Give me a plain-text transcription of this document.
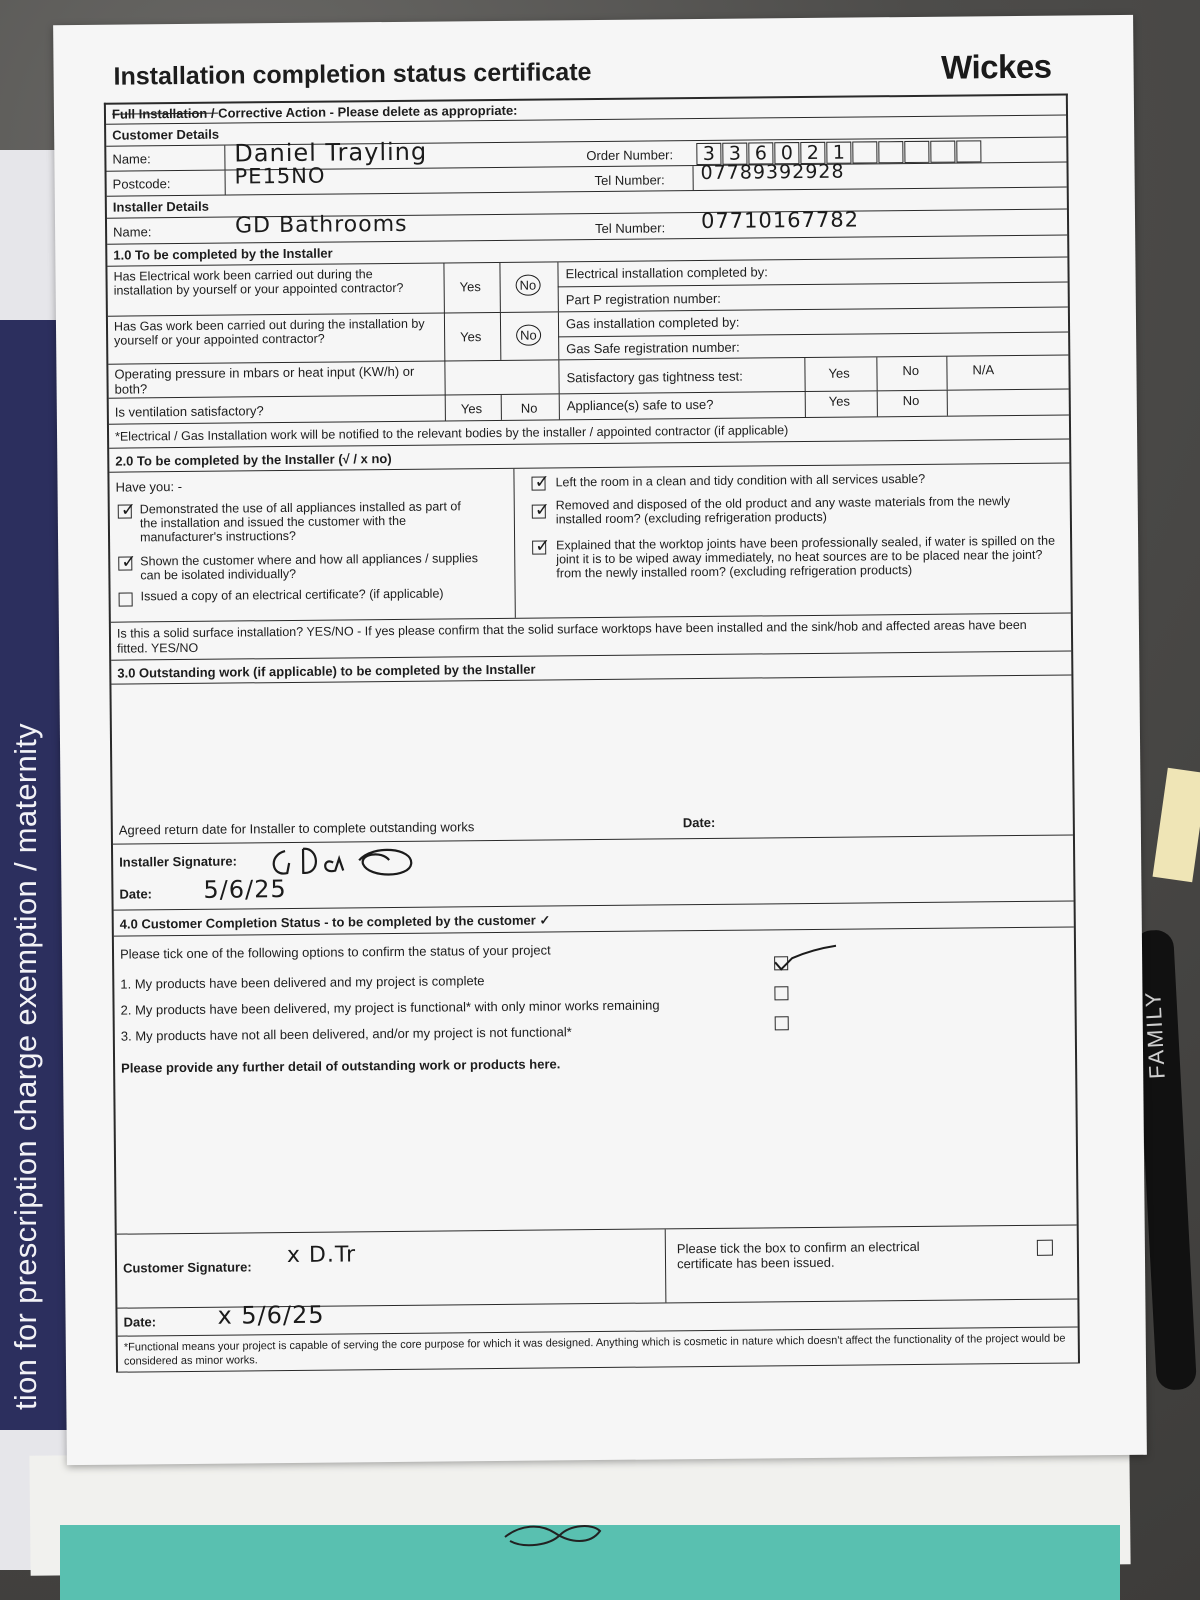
tion for prescription charge exemption / maternity	FAMILY
Installation completion status certificate	Wickes
Full Installation / Corrective Action - Please delete as appropriate:
Customer Details
Name:	Daniel Trayling	Order Number:	3 3 6 0 2 1
Postcode:	PE15NO	Tel Number: 07789392928
Installer Details
Name:	GD Bathrooms	Tel Number: 07710167782
1.0 To be completed by the Installer
Has Electrical work been carried out during the installation by yourself or your appointed contractor?	Yes	No
Electrical installation completed by:
Part P registration number:
Has Gas work been carried out during the installation by yourself or your appointed contractor?	Yes	No
Gas installation completed by:
Gas Safe registration number:
Operating pressure in mbars or heat input (KW/h) or both?
Satisfactory gas tightness test:	Yes	No	N/A
Is ventilation satisfactory?	Yes	No Appliance(s) safe to use?	Yes	No
*Electrical / Gas Installation work will be notified to the relevant bodies by the installer / appointed contractor (if applicable)
2.0 To be completed by the Installer (√ / x no)
Have you: -
✓ Demonstrated the use of all appliances installed as part of the installation and issued the customer with the manufacturer's instructions?
✓ Shown the customer where and how all appliances / supplies can be isolated individually?
Issued a copy of an electrical certificate? (if applicable)
✓ Left the room in a clean and tidy condition with all services usable?
✓ Removed and disposed of the old product and any waste materials from the newly installed room? (excluding refrigeration products)
✓ Explained that the worktop joints have been professionally sealed, if water is spilled on the joint it is to be wiped away immediately, no heat sources are to be placed near the joint? from the newly installed room? (excluding refrigeration products)
Is this a solid surface installation? YES/NO - If yes please confirm that the solid surface worktops have been installed and the sink/hob and affected areas have been fitted. YES/NO
3.0 Outstanding work (if applicable) to be completed by the Installer
Agreed return date for Installer to complete outstanding works	Date:
Installer Signature:
Date: 5/6/25
4.0 Customer Completion Status - to be completed by the customer ✓
Please tick one of the following options to confirm the status of your project
1. My products have been delivered and my project is complete
2. My products have been delivered, my project is functional* with only minor works remaining
3. My products have not all been delivered, and/or my project is not functional*
Please provide any further detail of outstanding work or products here.
Customer Signature: x D.Tr	Please tick the box to confirm an electrical certificate has been issued.
Date:	x 5/6/25
*Functional means your project is capable of serving the core purpose for which it was designed. Anything which is cosmetic in nature which doesn't affect the functionality of the project would be considered as minor works.
